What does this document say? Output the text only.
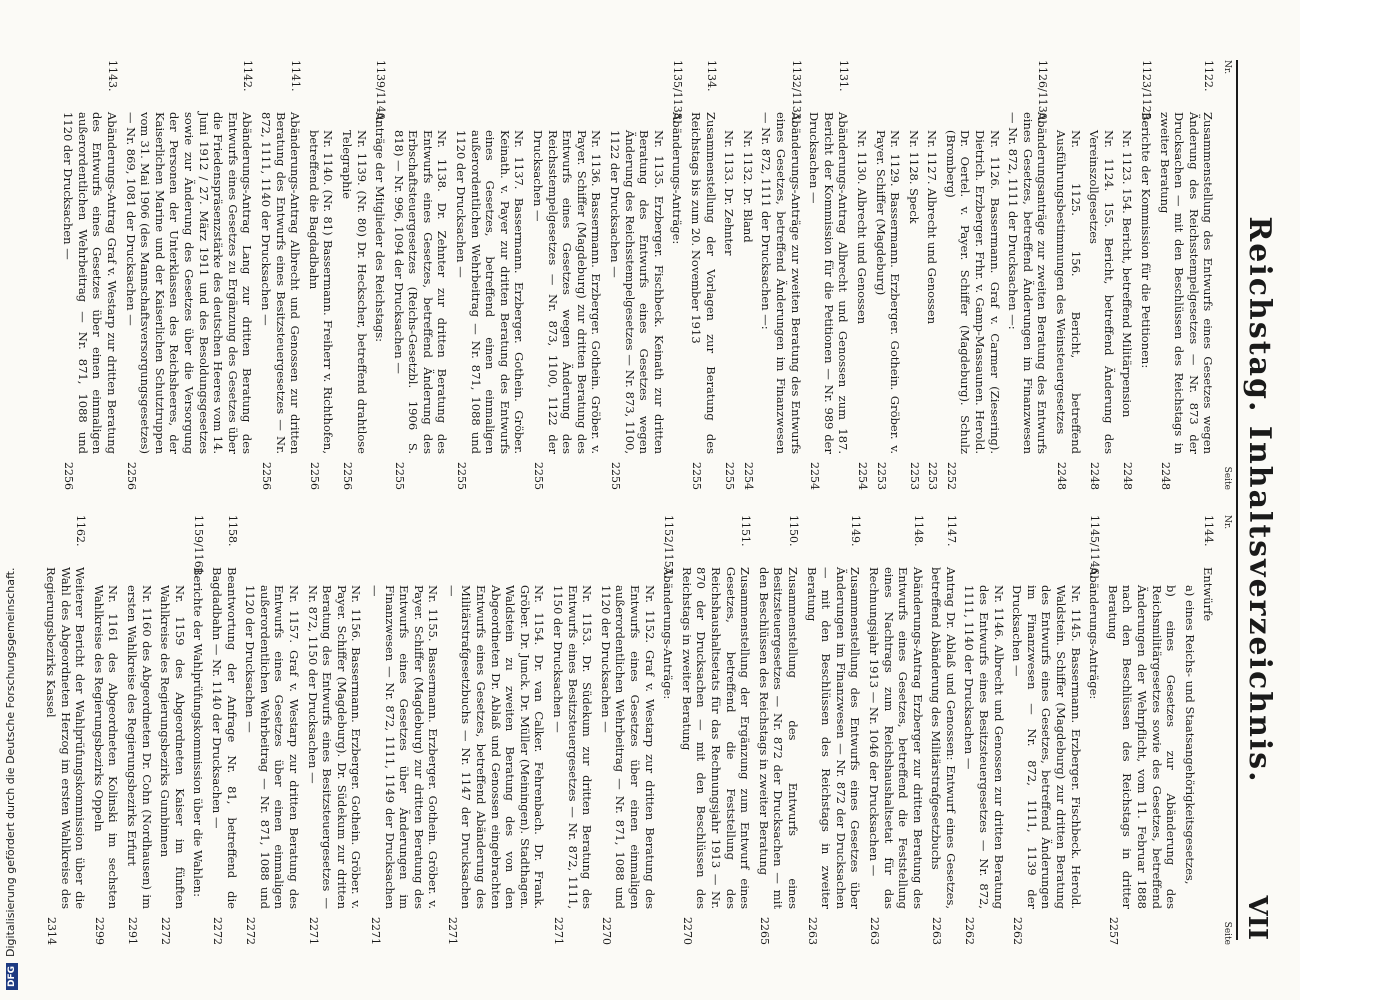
Reichstag. Inhaltsverzeichnis.
VII
Nr.
Seite
1122.
Zusammenstellung des Entwurfs eines Gesetzes wegen Änderung des Reichsstempelgesetzes — Nr. 873 der Drucksachen — mit den Beschlüssen des Reichstags in zweiter Beratung
2248
1123/1125.
Berichte der Kommission für die Petitionen:
Nr. 1123. 154. Bericht, betreffend Militärpension
2248
Nr. 1124. 155. Bericht, betreffend Änderung des Vereinszollgesetzes
2248
Nr. 1125. 156. Bericht, betreffend Ausführungsbestimmungen des Weinsteuergesetzes
2248
1126/1130.
Abänderungsanträge zur zweiten Beratung des Entwurfs eines Gesetzes, betreffend Änderungen im Finanzwesen — Nr. 872, 1111 der Drucksachen —:
Nr. 1126. Bassermann. Graf v. Carmer (Ziesering). Dietrich. Erzberger. Frhr. v. Gamp-Massaunen. Herold. Dr. Oertel. v. Payer. Schiffer (Magdeburg). Schulz (Bromberg)
2252
Nr. 1127. Albrecht und Genossen
2253
Nr. 1128. Speck
2253
Nr. 1129. Bassermann. Erzberger. Gothein. Gröber. v. Payer. Schiffer (Magdeburg)
2253
Nr. 1130. Albrecht und Genossen
2254
1131.
Abänderungs-Antrag Albrecht und Genossen zum 187. Bericht der Kommission für die Petitionen — Nr. 989 der Drucksachen —
2254
1132/1133.
Abänderungs-Anträge zur zweiten Beratung des Entwurfs eines Gesetzes, betreffend Änderungen im Finanzwesen — Nr. 872, 1111 der Drucksachen —:
Nr. 1132. Dr. Bland
2254
Nr. 1133. Dr. Zehnter
2255
1134.
Zusammenstellung der Vorlagen zur Beratung des Reichstags bis zum 20. November 1913
2255
1135/1138.
Abänderungs-Anträge:
Nr. 1135. Erzberger. Fischbeck. Keinath zur dritten Beratung des Entwurfs eines Gesetzes wegen Änderung des Reichsstempelgesetzes — Nr. 873, 1100, 1122 der Drucksachen —
2255
Nr. 1136. Bassermann. Erzberger. Gothein. Gröber. v. Payer. Schiffer (Magdeburg) zur dritten Beratung des Entwurfs eines Gesetzes wegen Änderung des Reichsstempelgesetzes — Nr. 873, 1100, 1122 der Drucksachen —
2255
Nr. 1137. Bassermann. Erzberger. Gothein. Gröber. Keinath. v. Payer zur dritten Beratung des Entwurfs eines Gesetzes, betreffend einen einmaligen außerordentlichen Wehrbeitrag — Nr. 871, 1088 und 1120 der Drucksachen —
2255
Nr. 1138. Dr. Zehnter zur dritten Beratung des Entwurfs eines Gesetzes, betreffend Änderung des Erbschaftsteuergesetzes (Reichs-Gesetzbl. 1906 S. 818) — Nr. 996, 1094 der Drucksachen —
2255
1139/1140.
Anträge der Mitglieder des Reichstags:
Nr. 1139. (Nr. 80) Dr. Heckscher, betreffend drahtlose Telegraphie
2256
Nr. 1140. (Nr. 81) Bassermann. Freiherr v. Richthofen, betreffend die Bagdadbahn
2256
1141.
Abänderungs-Antrag Albrecht und Genossen zur dritten Beratung des Entwurfs eines Besitzsteuergesetzes — Nr. 872, 1111, 1140 der Drucksachen —
2256
1142.
Abänderungs-Antrag Lang zur dritten Beratung des Entwurfs eines Gesetzes zu Ergänzung des Gesetzes über die Friedenspräsenzstärke des deutschen Heeres vom 14. Juni 1912 / 27. März 1911 und des Besoldungsgesetzes sowie zur Änderung des Gesetzes über die Versorgung der Personen der Unterklassen des Reichsheeres, der Kaiserlichen Marine und der Kaiserlichen Schutztruppen vom 31. Mai 1906 (des Mannschaftsversorgungsgesetzes) — Nr. 869, 1081 der Drucksachen —
2256
1143.
Abänderungs-Antrag Graf v. Westarp zur dritten Beratung des Entwurfs eines Gesetzes über einen einmaligen außerordentlichen Wehrbeitrag — Nr. 871, 1088 und 1120 der Drucksachen —
2256
Nr.
Seite
1144.
Entwürfe
a) eines Reichs- und Staatsangehörigkeitsgesetzes,
b) eines Gesetzes zur Abänderung des Reichsmilitärgesetzes sowie des Gesetzes, betreffend Änderungen der Wehrpflicht, vom 11. Februar 1888 nach den Beschlüssen des Reichstags in dritter Beratung
2257
1145/1146.
Abänderungs-Anträge:
Nr. 1145. Bassermann. Erzberger. Fischbeck. Herold. Waldstein. Schiffer (Magdeburg) zur dritten Beratung des Entwurfs eines Gesetzes, betreffend Änderungen im Finanzwesen — Nr. 872, 1111, 1139 der Drucksachen —
2262
Nr. 1146. Albrecht und Genossen zur dritten Beratung des Entwurfs eines Besitzsteuergesetzes — Nr. 872, 1111, 1140 der Drucksachen —
2262
1147.
Antrag Dr. Ablaß und Genossen: Entwurf eines Gesetzes, betreffend Abänderung des Militärstrafgesetzbuchs
2263
1148.
Abänderungs-Antrag Erzberger zur dritten Beratung des Entwurfs eines Gesetzes, betreffend die Feststellung eines Nachtrags zum Reichshaushaltsetat für das Rechnungsjahr 1913 — Nr. 1046 der Drucksachen —
2263
1149.
Zusammenstellung des Entwurfs eines Gesetzes über Änderungen im Finanzwesen — Nr. 872 der Drucksachen — mit den Beschlüssen des Reichstags in zweiter Beratung
2263
1150.
Zusammenstellung des Entwurfs eines Besitzsteuergesetzes — Nr. 872 der Drucksachen — mit den Beschlüssen des Reichstags in zweiter Beratung
2265
1151.
Zusammenstellung der Ergänzung zum Entwurf eines Gesetzes, betreffend die Feststellung des Reichshaushaltsetats für das Rechnungsjahr 1913 — Nr. 870 der Drucksachen — mit den Beschlüssen des Reichstags in zweiter Beratung
2270
1152/1157.
Abänderungs-Anträge:
Nr. 1152. Graf v. Westarp zur dritten Beratung des Entwurfs eines Gesetzes über einen einmaligen außerordentlichen Wehrbeitrag — Nr. 871, 1088 und 1120 der Drucksachen —
2270
Nr. 1153. Dr. Südekum zur dritten Beratung des Entwurfs eines Besitzsteuergesetzes — Nr. 872, 1111, 1150 der Drucksachen —
2271
Nr. 1154. Dr. van Calker. Fehrenbach. Dr. Frank. Gröber. Dr. Junck. Dr. Müller (Meiningen). Stadthagen. Waldstein zu zweiten Beratung des von den Abgeordneten Dr. Ablaß und Genossen eingebrachten Entwurfs eines Gesetzes, betreffend Abänderung des Militärstrafgesetzbuchs — Nr. 1147 der Drucksachen —
2271
Nr. 1155. Bassermann. Erzberger. Gothein. Gröber. v. Payer. Schiffer (Magdeburg) zur dritten Beratung des Entwurfs eines Gesetzes über Änderungen im Finanzwesen — Nr. 872, 1111, 1149 der Drucksachen —
2271
Nr. 1156. Bassermann. Erzberger. Gothein. Gröber. v. Payer. Schiffer (Magdeburg). Dr. Südekum zur dritten Beratung des Entwurfs eines Besitzsteuergesetzes — Nr. 872, 1150 der Drucksachen —
2271
Nr. 1157. Graf v. Westarp zur dritten Beratung des Entwurfs eines Gesetzes über einen einmaligen außerordentlichen Wehrbeitrag — Nr. 871, 1088 und 1120 der Drucksachen —
2272
1158.
Beantwortung der Anfrage Nr. 81, betreffend die Bagdadbahn — Nr. 1140 der Drucksachen —
2272
1159/1161.
Berichte der Wahlprüfungskommission über die Wahlen:
Nr. 1159 des Abgeordneten Kaiser im fünften Wahlkreise des Regierungsbezirks Gumbinnen
2272
Nr. 1160 des Abgeordneten Dr. Cohn (Nordhausen) im ersten Wahlkreise des Regierungsbezirks Erfurt
2291
Nr. 1161 des Abgeordneten Kolinski im sechsten Wahlkreise des Regierungsbezirks Oppeln
2299
1162.
Weiterer Bericht der Wahlprüfungskommission über die Wahl des Abgeordneten Herzog im ersten Wahlkreise des Regierungsbezirks Kassel
2314
DFGDigitalisierung gefördert durch die Deutsche Forschungsgemeinschaft.
